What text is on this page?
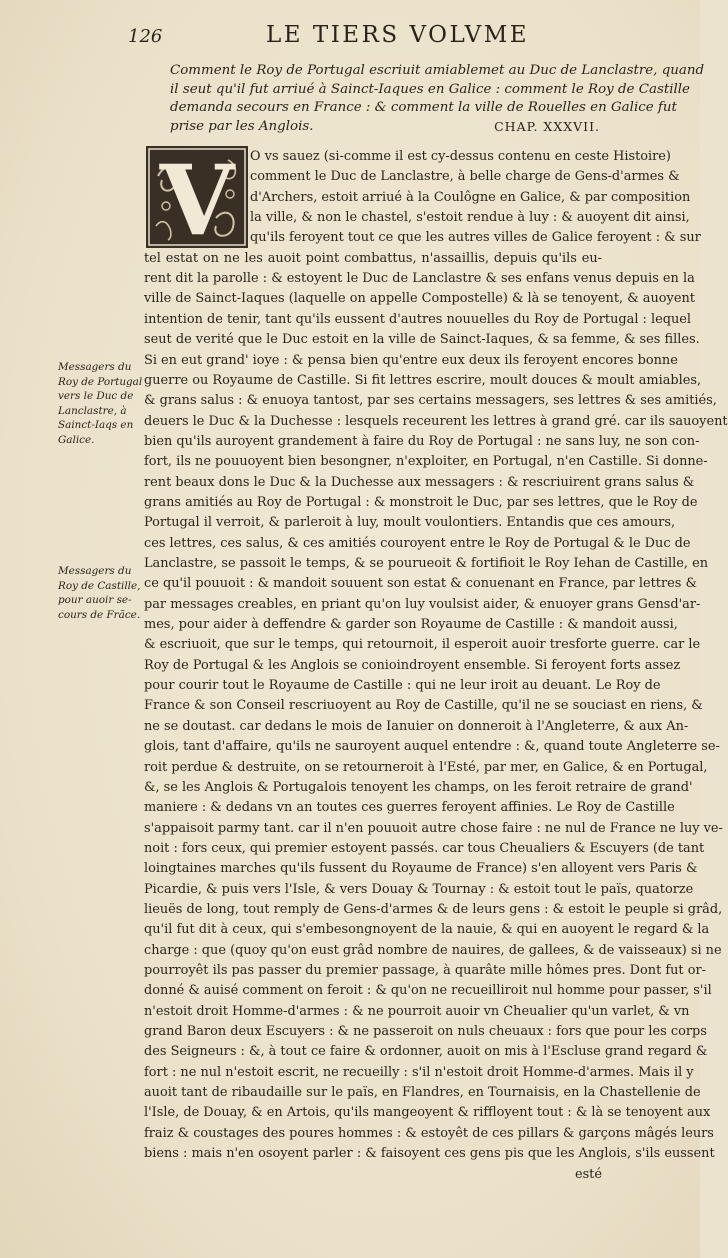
126	LE TIERS VOLVME
Comment le Roy de Portugal escriuit amiablemet au Duc de Lanclastre, quand
il seut qu'il fut arriué à Sainct-Iaques en Galice : comment le Roy de Castille
demanda secours en France : & comment la ville de Rouelles en Galice fut
prise par les Anglois.	CHAP. XXXVII.
V
Messagers du
Roy de Portugal
vers le Duc de
Lanclastre, à
Sainct-Iaqs en
Galice.
Messagers du
Roy de Castille,
pour auoir se-
cours de Frãce.
O vs sauez (si-comme il est cy-dessus contenu en ceste Histoire)
comment le Duc de Lanclastre, à belle charge de Gens-d'armes &
d'Archers, estoit arriué à la Coulôgne en Galice, & par composition
la ville, & non le chastel, s'estoit rendue à luy : & auoyent dit ainsi,
qu'ils feroyent tout ce que les autres villes de Galice feroyent : & sur
tel estat on ne les auoit point combattus, n'assaillis, depuis qu'ils eu-
rent dit la parolle : & estoyent le Duc de Lanclastre & ses enfans venus depuis en la
ville de Sainct-Iaques (laquelle on appelle Compostelle) & là se tenoyent, & auoyent
intention de tenir, tant qu'ils eussent d'autres nouuelles du Roy de Portugal : lequel
seut de verité que le Duc estoit en la ville de Sainct-Iaques, & sa femme, & ses filles.
Si en eut grand' ioye : & pensa bien qu'entre eux deux ils feroyent encores bonne
guerre ou Royaume de Castille. Si fit lettres escrire, moult douces & moult amiables,
& grans salus : & enuoya tantost, par ses certains messagers, ses lettres & ses amitiés,
deuers le Duc & la Duchesse : lesquels receurent les lettres à grand gré. car ils sauoyent
bien qu'ils auroyent grandement à faire du Roy de Portugal : ne sans luy, ne son con-
fort, ils ne pouuoyent bien besongner, n'exploiter, en Portugal, n'en Castille. Si donne-
rent beaux dons le Duc & la Duchesse aux messagers : & rescriuirent grans salus &
grans amitiés au Roy de Portugal : & monstroit le Duc, par ses lettres, que le Roy de
Portugal il verroit, & parleroit à luy, moult voulontiers. Entandis que ces amours,
ces lettres, ces salus, & ces amitiés couroyent entre le Roy de Portugal & le Duc de
Lanclastre, se passoit le temps, & se pourueoit & fortifioit le Roy Iehan de Castille, en
ce qu'il pouuoit : & mandoit souuent son estat & conuenant en France, par lettres &
par messages creables, en priant qu'on luy voulsist aider, & enuoyer grans Gensd'ar-
mes, pour aider à deffendre & garder son Royaume de Castille : & mandoit aussi,
& escriuoit, que sur le temps, qui retournoit, il esperoit auoir tresforte guerre. car le
Roy de Portugal & les Anglois se conioindroyent ensemble. Si feroyent forts assez
pour courir tout le Royaume de Castille : qui ne leur iroit au deuant. Le Roy de
France & son Conseil rescriuoyent au Roy de Castille, qu'il ne se souciast en riens, &
ne se doutast. car dedans le mois de Ianuier on donneroit à l'Angleterre, & aux An-
glois, tant d'affaire, qu'ils ne sauroyent auquel entendre : &, quand toute Angleterre se-
roit perdue & destruite, on se retourneroit à l'Esté, par mer, en Galice, & en Portugal,
&, se les Anglois & Portugalois tenoyent les champs, on les feroit retraire de grand'
maniere : & dedans vn an toutes ces guerres feroyent affinies. Le Roy de Castille
s'appaisoit parmy tant. car il n'en pouuoit autre chose faire : ne nul de France ne luy ve-
noit : fors ceux, qui premier estoyent passés. car tous Cheualiers & Escuyers (de tant
loingtaines marches qu'ils fussent du Royaume de France) s'en alloyent vers Paris &
Picardie, & puis vers l'Isle, & vers Douay & Tournay : & estoit tout le païs, quatorze
lieuës de long, tout remply de Gens-d'armes & de leurs gens : & estoit le peuple si grâd,
qu'il fut dit à ceux, qui s'embesongnoyent de la nauie, & qui en auoyent le regard & la
charge : que (quoy qu'on eust grâd nombre de nauires, de gallees, & de vaisseaux) si ne
pourroyêt ils pas passer du premier passage, à quarâte mille hômes pres. Dont fut or-
donné & auisé comment on feroit : & qu'on ne recueilliroit nul homme pour passer, s'il
n'estoit droit Homme-d'armes : & ne pourroit auoir vn Cheualier qu'un varlet, & vn
grand Baron deux Escuyers : & ne passeroit on nuls cheuaux : fors que pour les corps
des Seigneurs : &, à tout ce faire & ordonner, auoit on mis à l'Escluse grand regard &
fort : ne nul n'estoit escrit, ne recueilly : s'il n'estoit droit Homme-d'armes. Mais il y
auoit tant de ribaudaille sur le païs, en Flandres, en Tournaisis, en la Chastellenie de
l'Isle, de Douay, & en Artois, qu'ils mangeoyent & riffloyent tout : & là se tenoyent aux
fraiz & coustages des poures hommes : & estoyêt de ces pillars & garçons mâgés leurs
biens : mais n'en osoyent parler : & faisoyent ces gens pis que les Anglois, s'ils eussent
esté
